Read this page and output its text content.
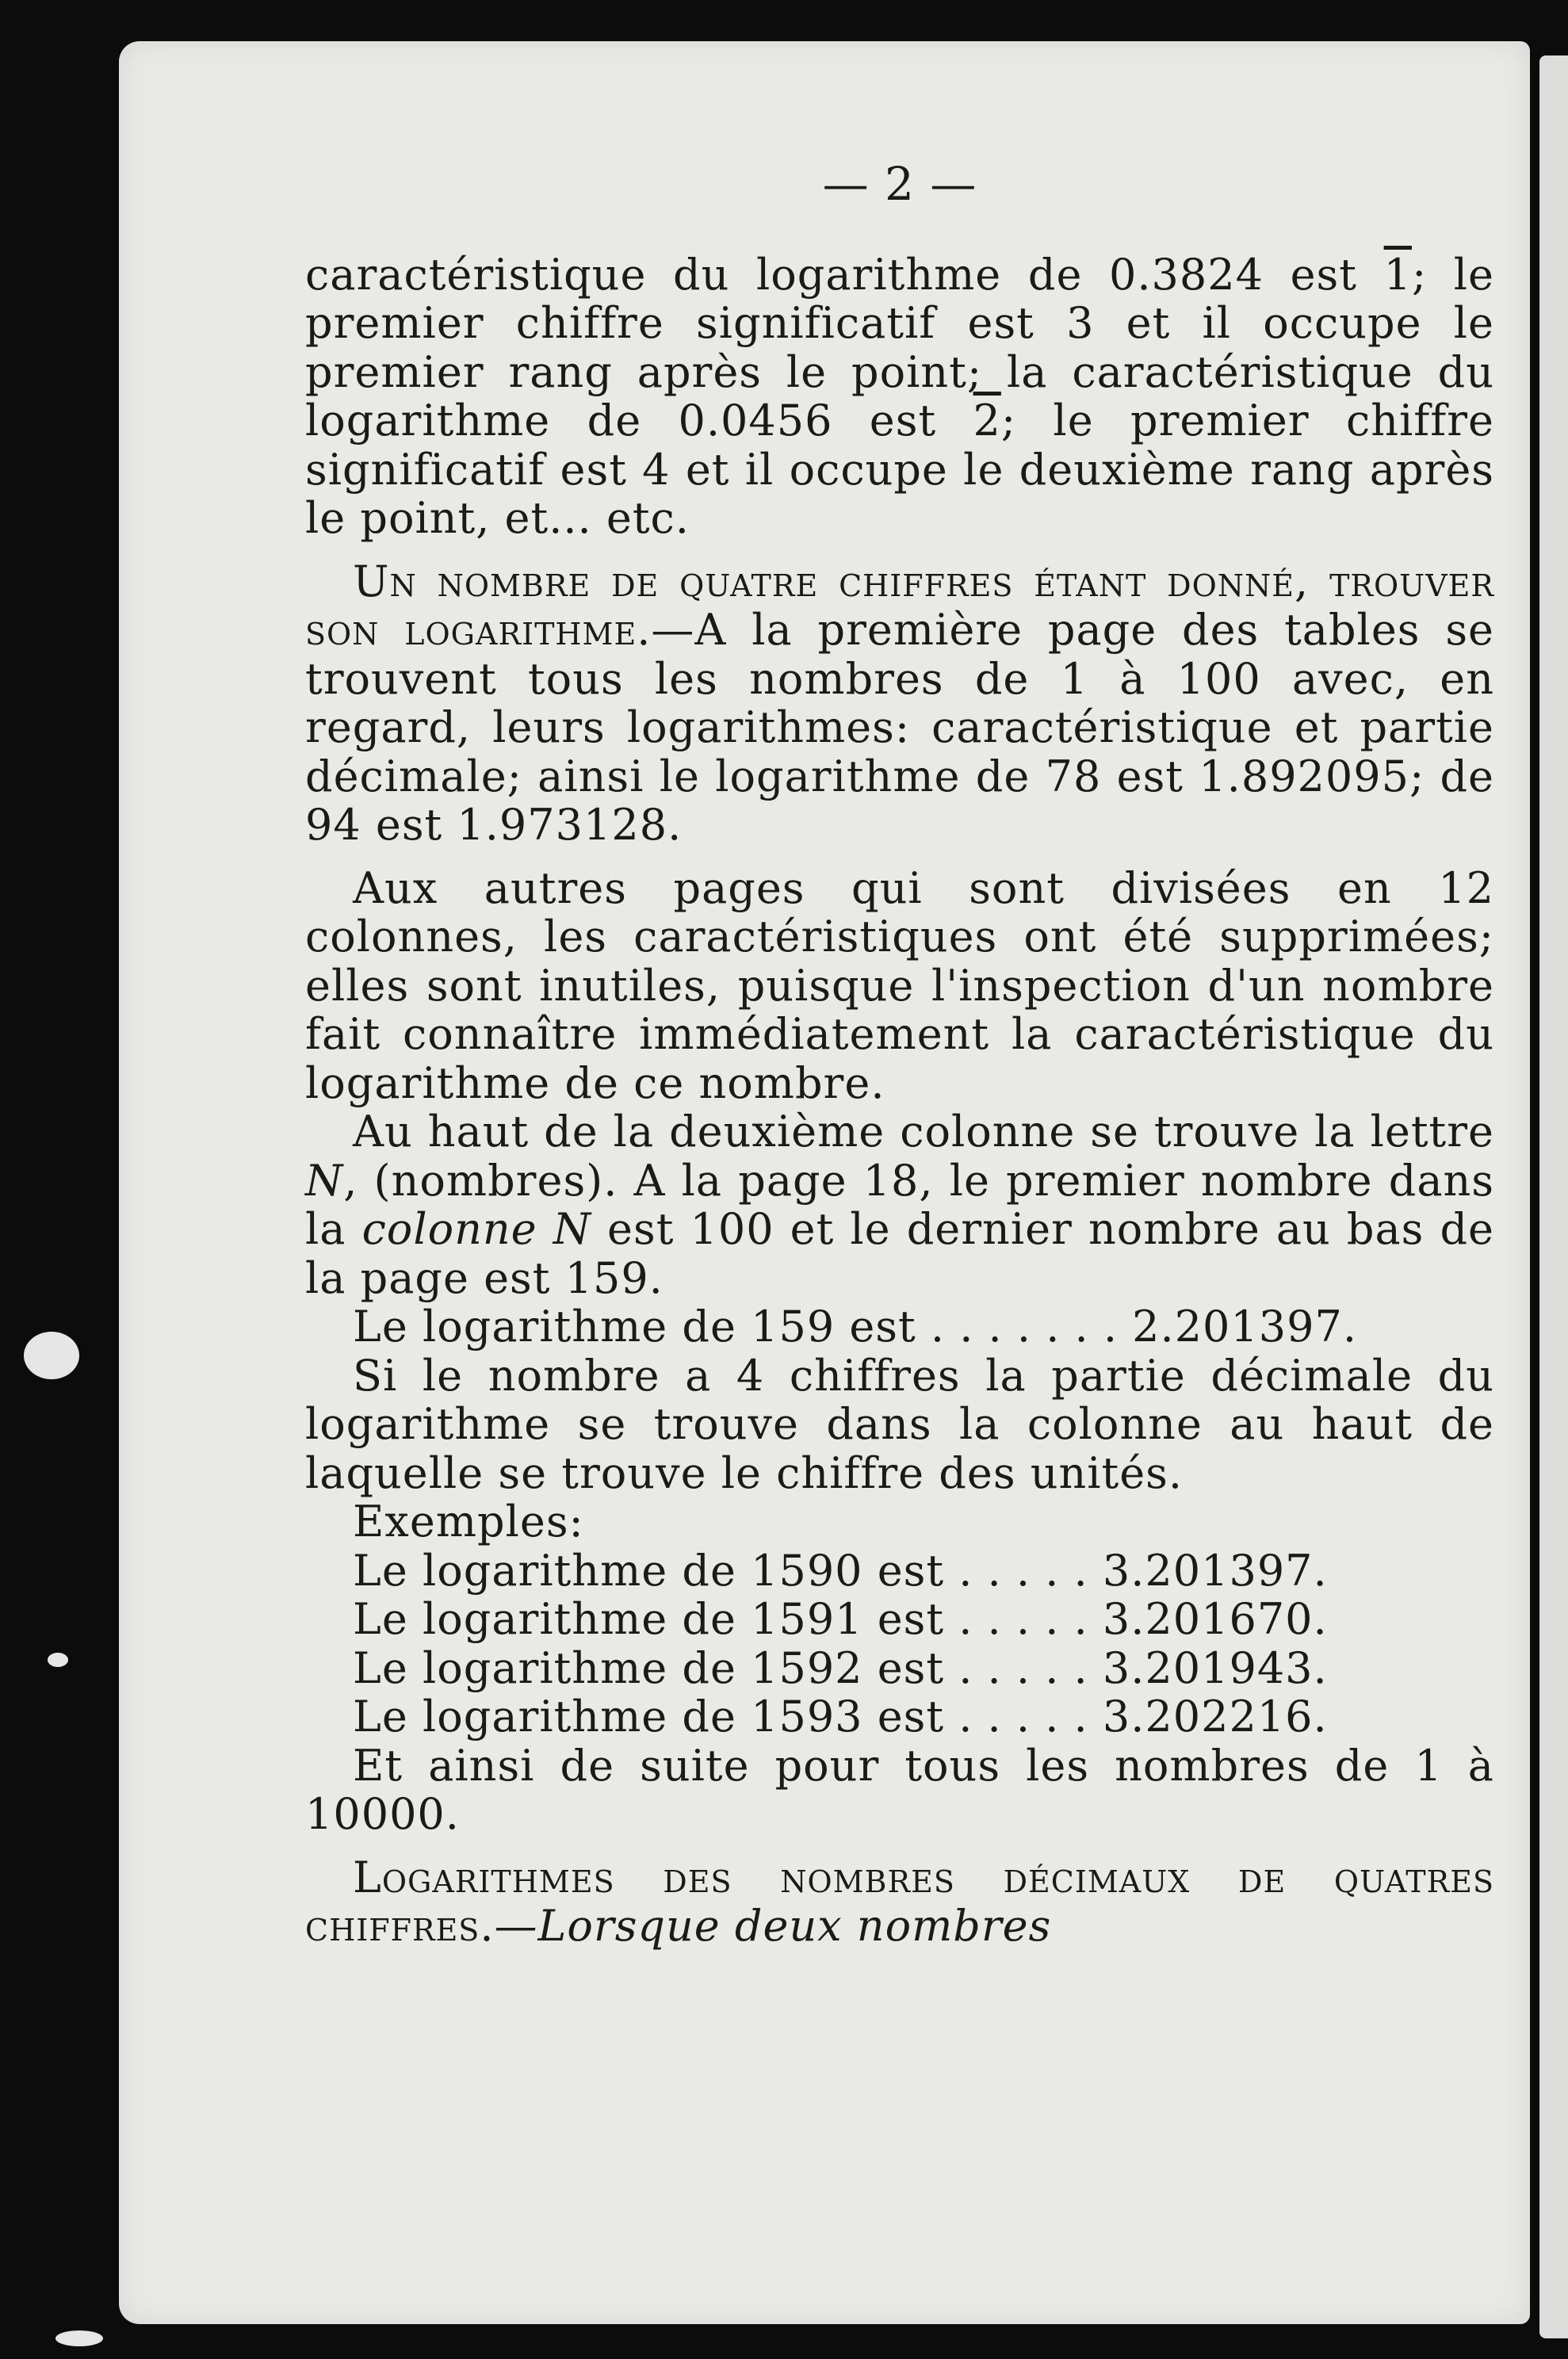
— 2 —

caractéristique du logarithme de 0.3824 est 1; le premier chiffre significatif est 3 et il occupe le premier rang après le point; la caractéristique du logarithme de 0.0456 est 2; le premier chiffre significatif est 4 et il occupe le deuxième rang après le point, et... etc.

Un nombre de quatre chiffres étant donné, trouver son logarithme.—A la première page des tables se trouvent tous les nombres de 1 à 100 avec, en regard, leurs logarithmes: caractéristique et partie décimale; ainsi le logarithme de 78 est 1.892095; de 94 est 1.973128.

Aux autres pages qui sont divisées en 12 colonnes, les caractéristiques ont été supprimées; elles sont inutiles, puisque l'inspection d'un nombre fait connaître immédiatement la caractéristique du logarithme de ce nombre.

Au haut de la deuxième colonne se trouve la lettre N, (nombres). A la page 18, le premier nombre dans la colonne N est 100 et le dernier nombre au bas de la page est 159.

Le logarithme de 159 est . . . . . . . 2.201397.

Si le nombre a 4 chiffres la partie décimale du logarithme se trouve dans la colonne au haut de laquelle se trouve le chiffre des unités.

Exemples:

Le logarithme de 1590 est . . . . . 3.201397.
Le logarithme de 1591 est . . . . . 3.201670.
Le logarithme de 1592 est . . . . . 3.201943.
Le logarithme de 1593 est . . . . . 3.202216.

Et ainsi de suite pour tous les nombres de 1 à 10000.

Logarithmes des nombres décimaux de quatres chiffres.—Lorsque deux nombres
